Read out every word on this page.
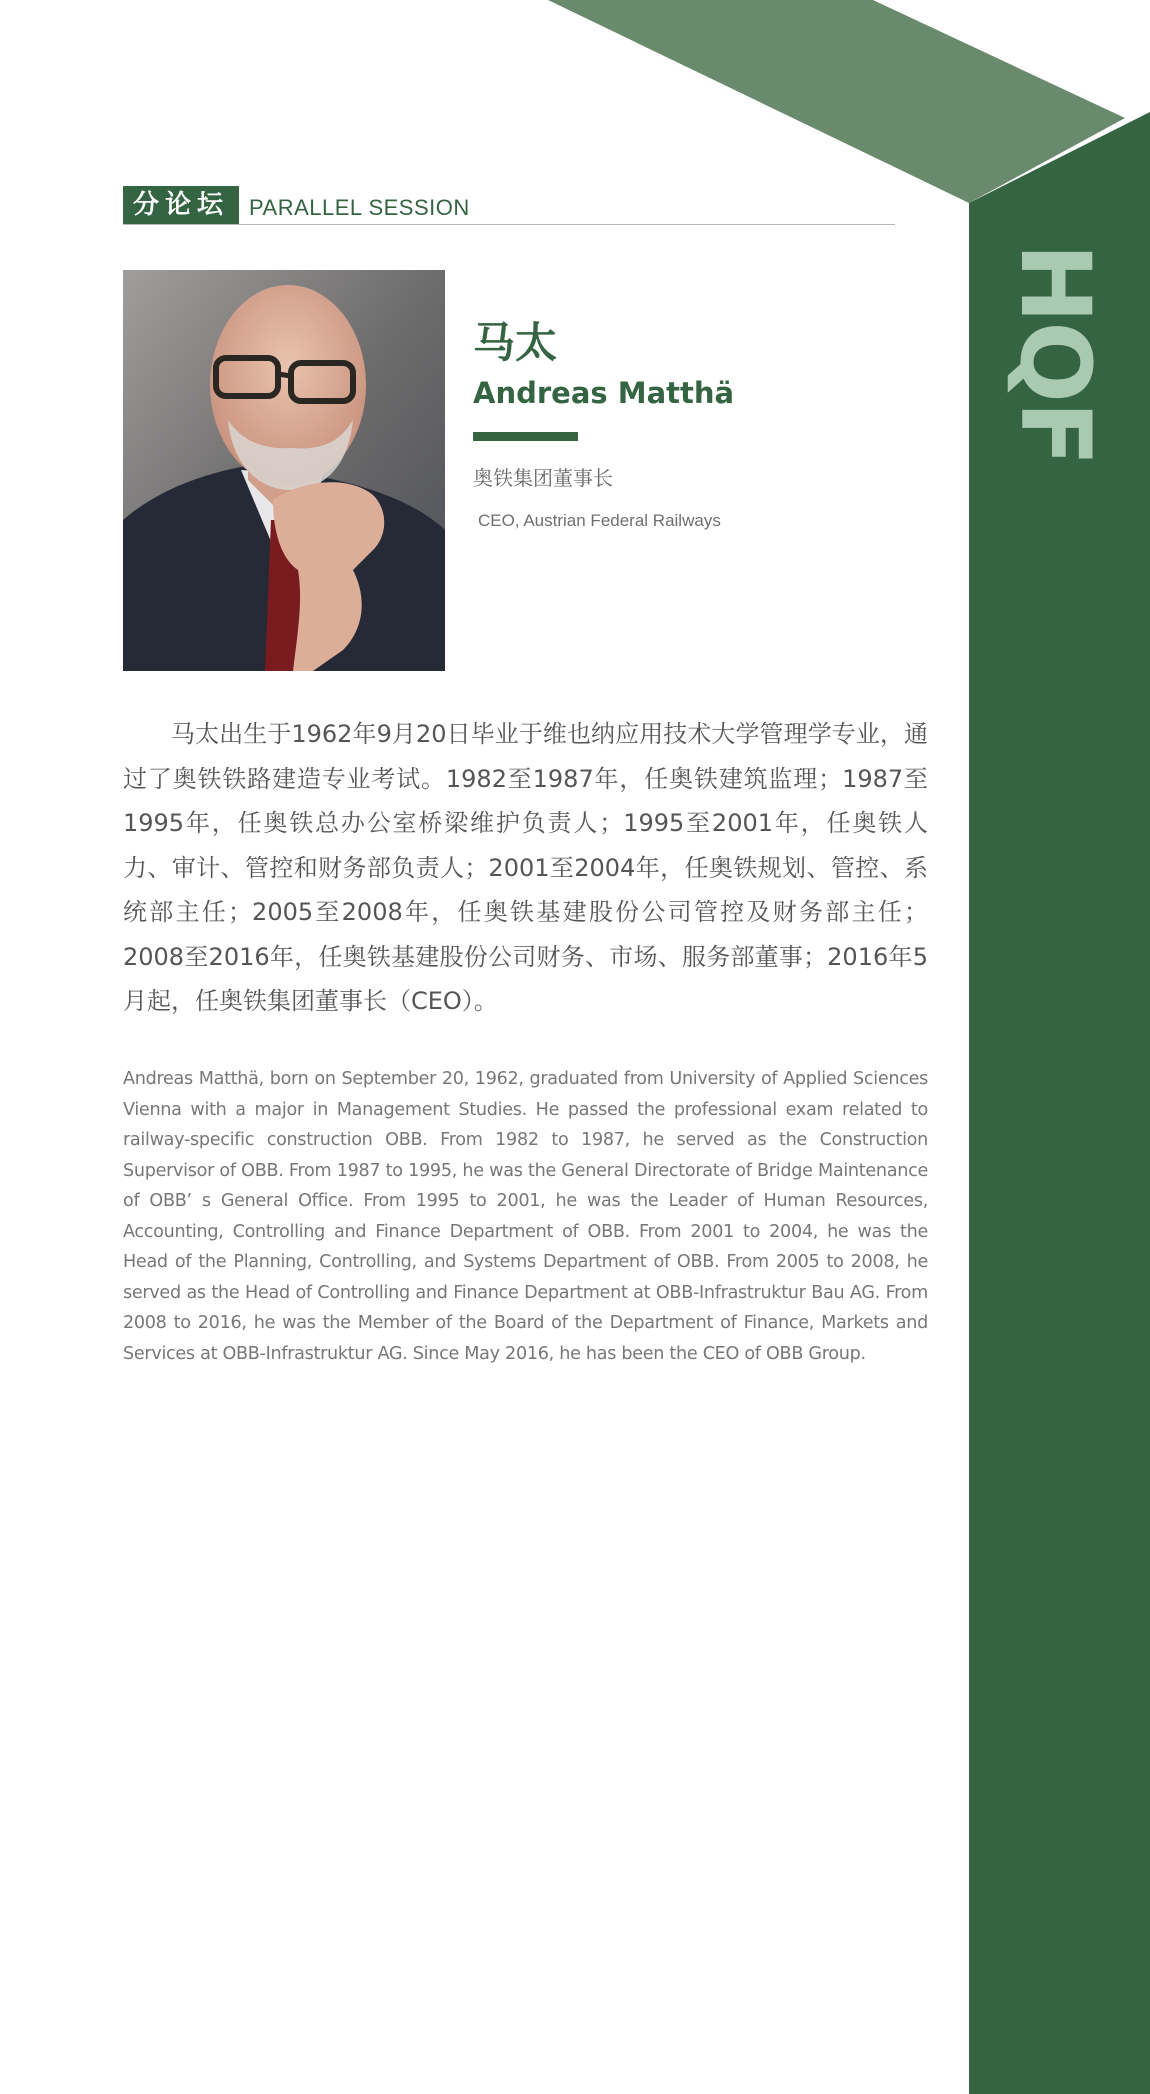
HQF
分论坛 PARALLEL SESSION
马太
Andreas Matthä
奥铁集团董事长
CEO, Austrian Federal Railways

马太出生于1962年9月20日毕业于维也纳应用技术大学管理学专业，通过了奥铁铁路建造专业考试。1982至1987年，任奥铁建筑监理；1987至1995年，任奥铁总办公室桥梁维护负责人；1995至2001年，任奥铁人力、审计、管控和财务部负责人；2001至2004年，任奥铁规划、管控、系统部主任；2005至2008年，任奥铁基建股份公司管控及财务部主任；2008至2016年，任奥铁基建股份公司财务、市场、服务部董事；2016年5月起，任奥铁集团董事长（CEO）。

Andreas Matthä, born on September 20, 1962, graduated from University of Applied Sciences Vienna with a major in Management Studies. He passed the professional exam related to railway-specific construction OBB. From 1982 to 1987, he served as the Construction Supervisor of OBB. From 1987 to 1995, he was the General Directorate of Bridge Maintenance of OBB’ s General Office. From 1995 to 2001, he was the Leader of Human Resources, Accounting, Controlling and Finance Department of OBB. From 2001 to 2004, he was the Head of the Planning, Controlling, and Systems Department of OBB. From 2005 to 2008, he served as the Head of Controlling and Finance Department at OBB-Infrastruktur Bau AG. From 2008 to 2016, he was the Member of the Board of the Department of Finance, Markets and Services at OBB-Infrastruktur AG. Since May 2016, he has been the CEO of OBB Group.
